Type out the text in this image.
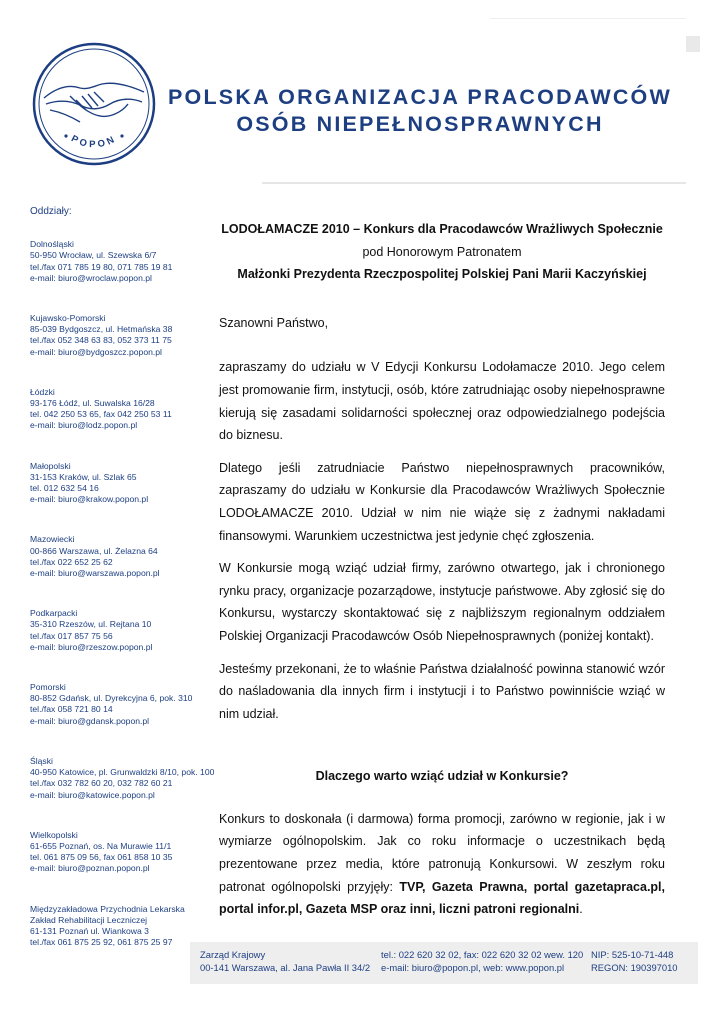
POPON
POLSKA ORGANIZACJA PRACODAWCÓW
OSÓB NIEPEŁNOSPRAWNYCH
Oddziały:
Dolnośląski
50-950 Wrocław, ul. Szewska 6/7
tel./fax 071 785 19 80, 071 785 19 81
e-mail: biuro@wroclaw.popon.pl
Kujawsko-Pomorski
85-039 Bydgoszcz, ul. Hetmańska 38
tel./fax 052 348 63 83, 052 373 11 75
e-mail: biuro@bydgoszcz.popon.pl
Łódzki
93-176 Łódź, ul. Suwalska 16/28
tel. 042 250 53 65, fax 042 250 53 11
e-mail: biuro@lodz.popon.pl
Małopolski
31-153 Kraków, ul. Szlak 65
tel. 012 632 54 16
e-mail: biuro@krakow.popon.pl
Mazowiecki
00-866 Warszawa, ul. Żelazna 64
tel./fax 022 652 25 62
e-mail: biuro@warszawa.popon.pl
Podkarpacki
35-310 Rzeszów, ul. Rejtana 10
tel./fax 017 857 75 56
e-mail: biuro@rzeszow.popon.pl
Pomorski
80-852 Gdańsk, ul. Dyrekcyjna 6, pok. 310
tel./fax 058 721 80 14
e-mail: biuro@gdansk.popon.pl
Śląski
40-950 Katowice, pl. Grunwaldzki 8/10, pok. 100
tel./fax 032 782 60 20, 032 782 60 21
e-mail: biuro@katowice.popon.pl
Wielkopolski
61-655 Poznań, os. Na Murawie 11/1
tel. 061 875 09 56, fax 061 858 10 35
e-mail: biuro@poznan.popon.pl
Międzyzakładowa Przychodnia Lekarska
Zakład Rehabilitacji Leczniczej
61-131 Poznań ul. Wiankowa 3
tel./fax 061 875 25 92, 061 875 25 97
LODOŁAMACZE 2010 – Konkurs dla Pracodawców Wrażliwych Społecznie
pod Honorowym Patronatem
Małżonki Prezydenta Rzeczpospolitej Polskiej Pani Marii Kaczyńskiej
Szanowni Państwo,
zapraszamy do udziału w V Edycji Konkursu Lodołamacze 2010. Jego celem jest promowanie firm, instytucji, osób, które zatrudniając osoby niepełnosprawne kierują się zasadami solidarności społecznej oraz odpowiedzialnego podejścia do biznesu.
Dlatego jeśli zatrudniacie Państwo niepełnosprawnych pracowników, zapraszamy do udziału w Konkursie dla Pracodawców Wrażliwych Społecznie LODOŁAMACZE 2010. Udział w nim nie wiąże się z żadnymi nakładami finansowymi. Warunkiem uczestnictwa jest jedynie chęć zgłoszenia.
W Konkursie mogą wziąć udział firmy, zarówno otwartego, jak i chronionego rynku pracy, organizacje pozarządowe, instytucje państwowe. Aby zgłosić się do Konkursu, wystarczy skontaktować się z najbliższym regionalnym oddziałem Polskiej Organizacji Pracodawców Osób Niepełnosprawnych (poniżej kontakt).
Jesteśmy przekonani, że to właśnie Państwa działalność powinna stanowić wzór do naśladowania dla innych firm i instytucji i to Państwo powinniście wziąć w nim udział.
Dlaczego warto wziąć udział w Konkursie?
Konkurs to doskonała (i darmowa) forma promocji, zarówno w regionie, jak i w wymiarze ogólnopolskim. Jak co roku informacje o uczestnikach będą prezentowane przez media, które patronują Konkursowi. W zeszłym roku patronat ogólnopolski przyjęły: TVP, Gazeta Prawna, portal gazetapraca.pl, portal infor.pl, Gazeta MSP oraz inni, liczni patroni regionalni.
Zarząd Krajowy
00-141 Warszawa, al. Jana Pawła II 34/2
tel.: 022 620 32 02, fax: 022 620 32 02 wew. 120
e-mail: biuro@popon.pl, web: www.popon.pl
NIP: 525-10-71-448
REGON: 190397010
